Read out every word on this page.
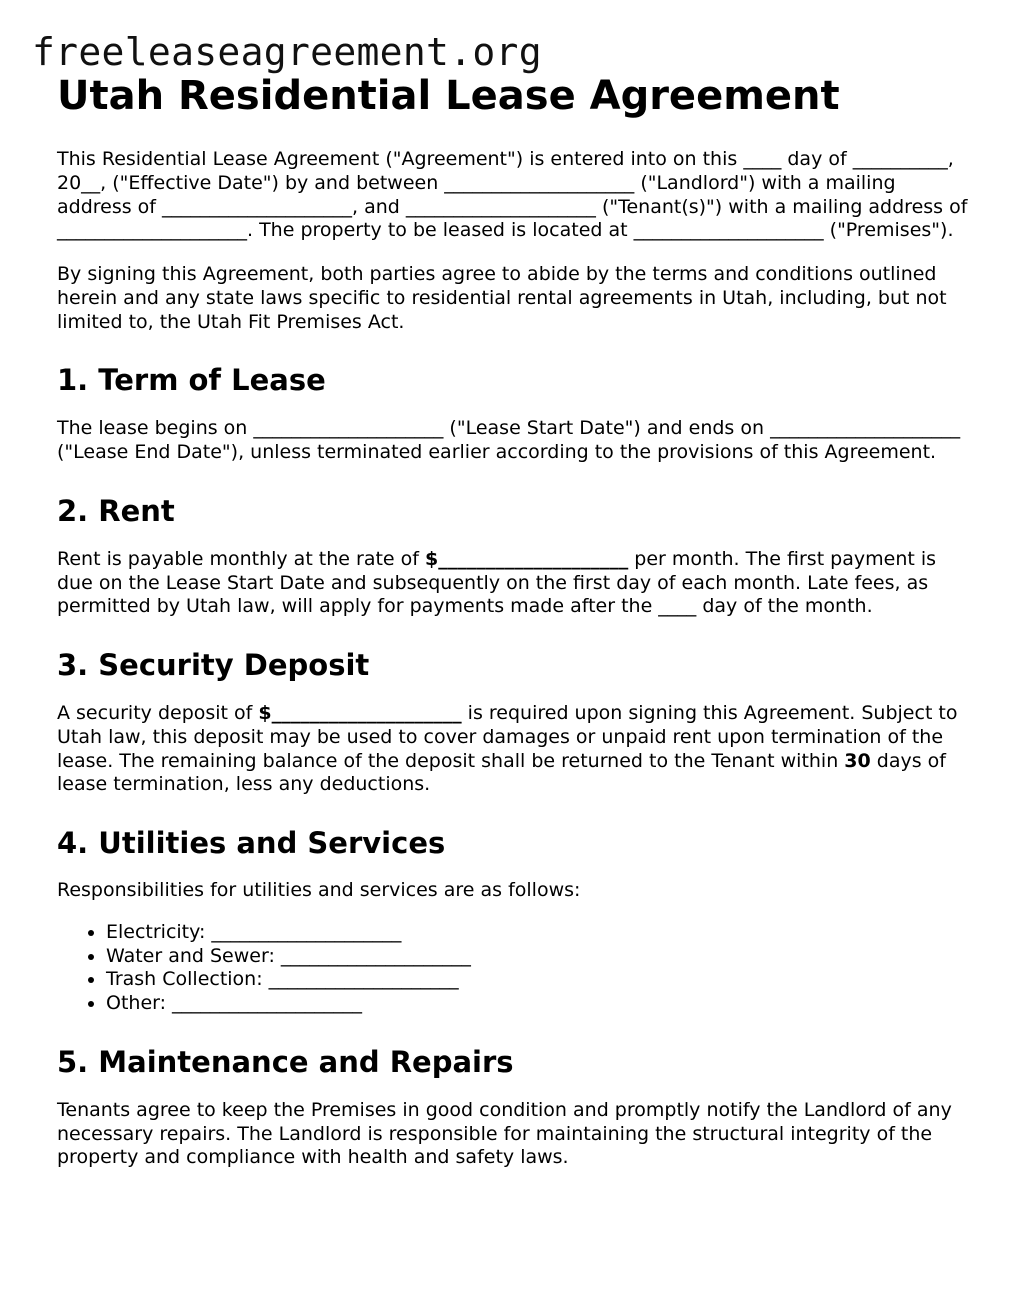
freeleaseagreement.org
Utah Residential Lease Agreement

This Residential Lease Agreement ("Agreement") is entered into on this ____ day of __________, 20__, ("Effective Date") by and between ____________________ ("Landlord") with a mailing address of ____________________, and ____________________ ("Tenant(s)") with a mailing address of ____________________. The property to be leased is located at ____________________ ("Premises").

By signing this Agreement, both parties agree to abide by the terms and conditions outlined herein and any state laws specific to residential rental agreements in Utah, including, but not limited to, the Utah Fit Premises Act.

1. Term of Lease

The lease begins on ____________________ ("Lease Start Date") and ends on ____________________ ("Lease End Date"), unless terminated earlier according to the provisions of this Agreement.

2. Rent

Rent is payable monthly at the rate of $____________________ per month. The first payment is due on the Lease Start Date and subsequently on the first day of each month. Late fees, as permitted by Utah law, will apply for payments made after the ____ day of the month.

3. Security Deposit

A security deposit of $____________________ is required upon signing this Agreement. Subject to Utah law, this deposit may be used to cover damages or unpaid rent upon termination of the lease. The remaining balance of the deposit shall be returned to the Tenant within 30 days of lease termination, less any deductions.

4. Utilities and Services

Responsibilities for utilities and services are as follows:

• Electricity: ____________________
• Water and Sewer: ____________________
• Trash Collection: ____________________
• Other: ____________________
5. Maintenance and Repairs

Tenants agree to keep the Premises in good condition and promptly notify the Landlord of any necessary repairs. The Landlord is responsible for maintaining the structural integrity of the property and compliance with health and safety laws.
